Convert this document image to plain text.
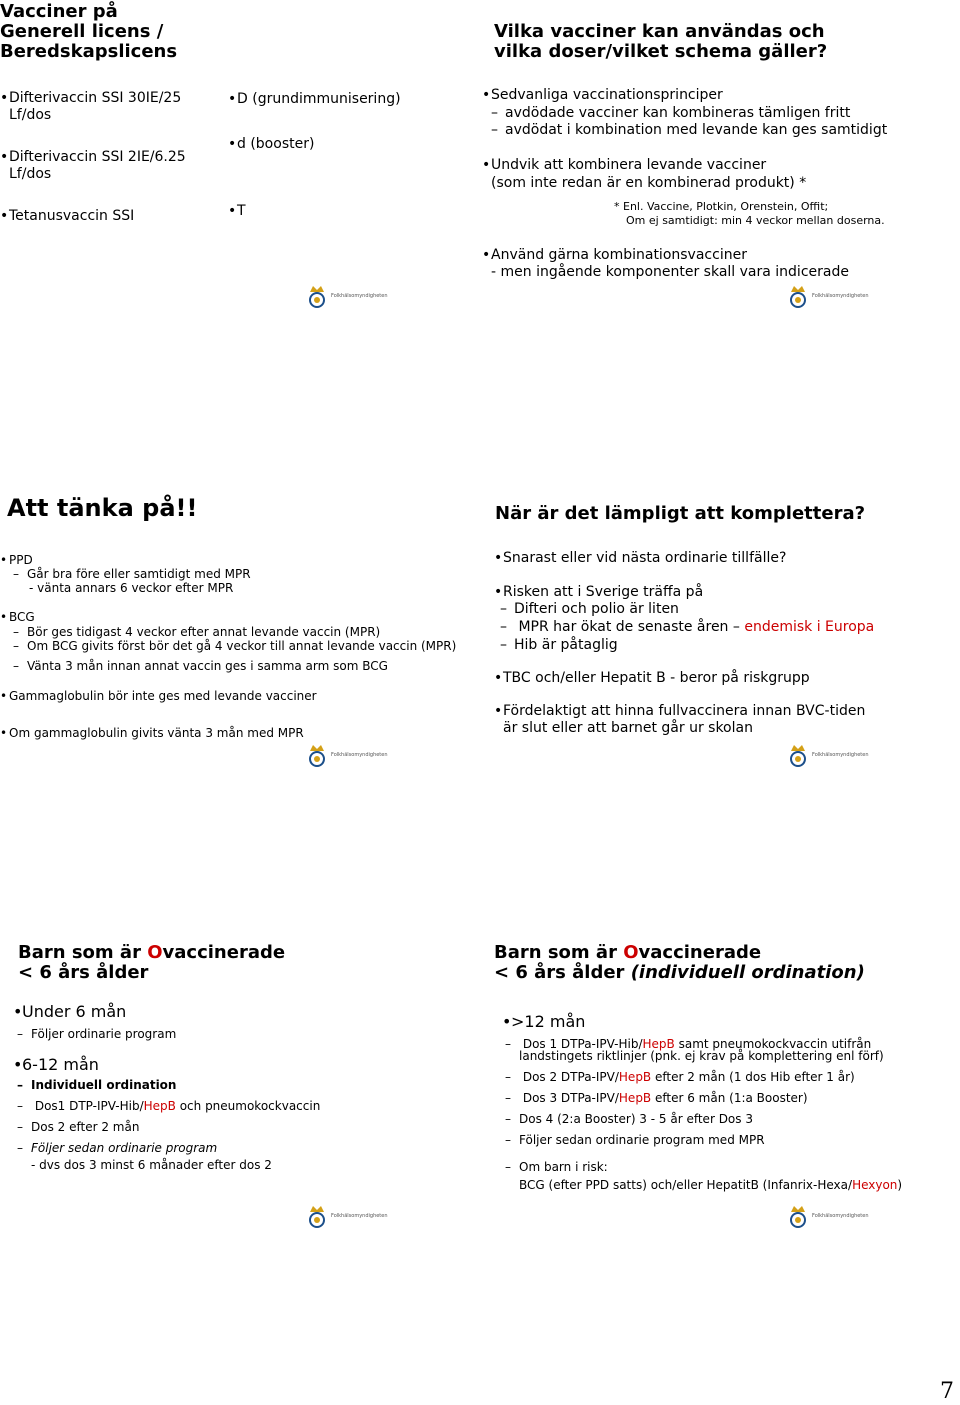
Vacciner på
Generell licens /
Beredskapslicens
• Difterivaccin SSI 30IE/25
Lf/dos
• Difterivaccin SSI 2IE/6.25
Lf/dos
• Tetanusvaccin SSI
• D (grundimmunisering)
• d (booster)
• T
Folkhälsomyndigheten
Vilka vacciner kan användas och
vilka doser/vilket schema gäller?
• Sedvanliga vaccinationsprinciper
– avdödade vacciner kan kombineras tämligen fritt
– avdödat i kombination med levande kan ges samtidigt
• Undvik att kombinera levande vacciner
(som inte redan är en kombinerad produkt) *
* Enl. Vaccine, Plotkin, Orenstein, Offit;
Om ej samtidigt: min 4 veckor mellan doserna.
• Använd gärna kombinationsvacciner
- men ingående komponenter skall vara indicerade
Folkhälsomyndigheten
Att tänka på!!
• PPD
– Går bra före eller samtidigt med MPR
- vänta annars 6 veckor efter MPR
• BCG
– Bör ges tidigast 4 veckor efter annat levande vaccin (MPR)
– Om BCG givits först bör det gå 4 veckor till annat levande vaccin (MPR)
– Vänta 3 mån innan annat vaccin ges i samma arm som BCG
• Gammaglobulin bör inte ges med levande vacciner
• Om gammaglobulin givits vänta 3 mån med MPR
Folkhälsomyndigheten
När är det lämpligt att komplettera?
• Snarast eller vid nästa ordinarie tillfälle?
• Risken att i Sverige träffa på
– Difteri och polio är liten
– MPR har ökat de senaste åren – endemisk i Europa
– Hib är påtaglig
• TBC och/eller Hepatit B - beror på riskgrupp
• Fördelaktigt att hinna fullvaccinera innan BVC-tiden
är slut eller att barnet går ur skolan
Folkhälsomyndigheten
Barn som är Ovaccinerade
< 6 års ålder
• Under 6 mån
– Följer ordinarie program
• 6-12 mån
– Individuell ordination
– Dos1 DTP-IPV-Hib/HepB och pneumokockvaccin
– Dos 2 efter 2 mån
– Följer sedan ordinarie program
- dvs dos 3 minst 6 månader efter dos 2
Folkhälsomyndigheten
Barn som är Ovaccinerade
< 6 års ålder (individuell ordination)
• >12 mån
– Dos 1 DTPa-IPV-Hib/HepB samt pneumokockvaccin utifrån
landstingets riktlinjer (pnk. ej krav på komplettering enl förf)
– Dos 2 DTPa-IPV/HepB efter 2 mån (1 dos Hib efter 1 år)
– Dos 3 DTPa-IPV/HepB efter 6 mån (1:a Booster)
– Dos 4 (2:a Booster) 3 - 5 år efter Dos 3
– Följer sedan ordinarie program med MPR
– Om barn i risk:
BCG (efter PPD satts) och/eller HepatitB (Infanrix-Hexa/Hexyon)
Folkhälsomyndigheten
7
